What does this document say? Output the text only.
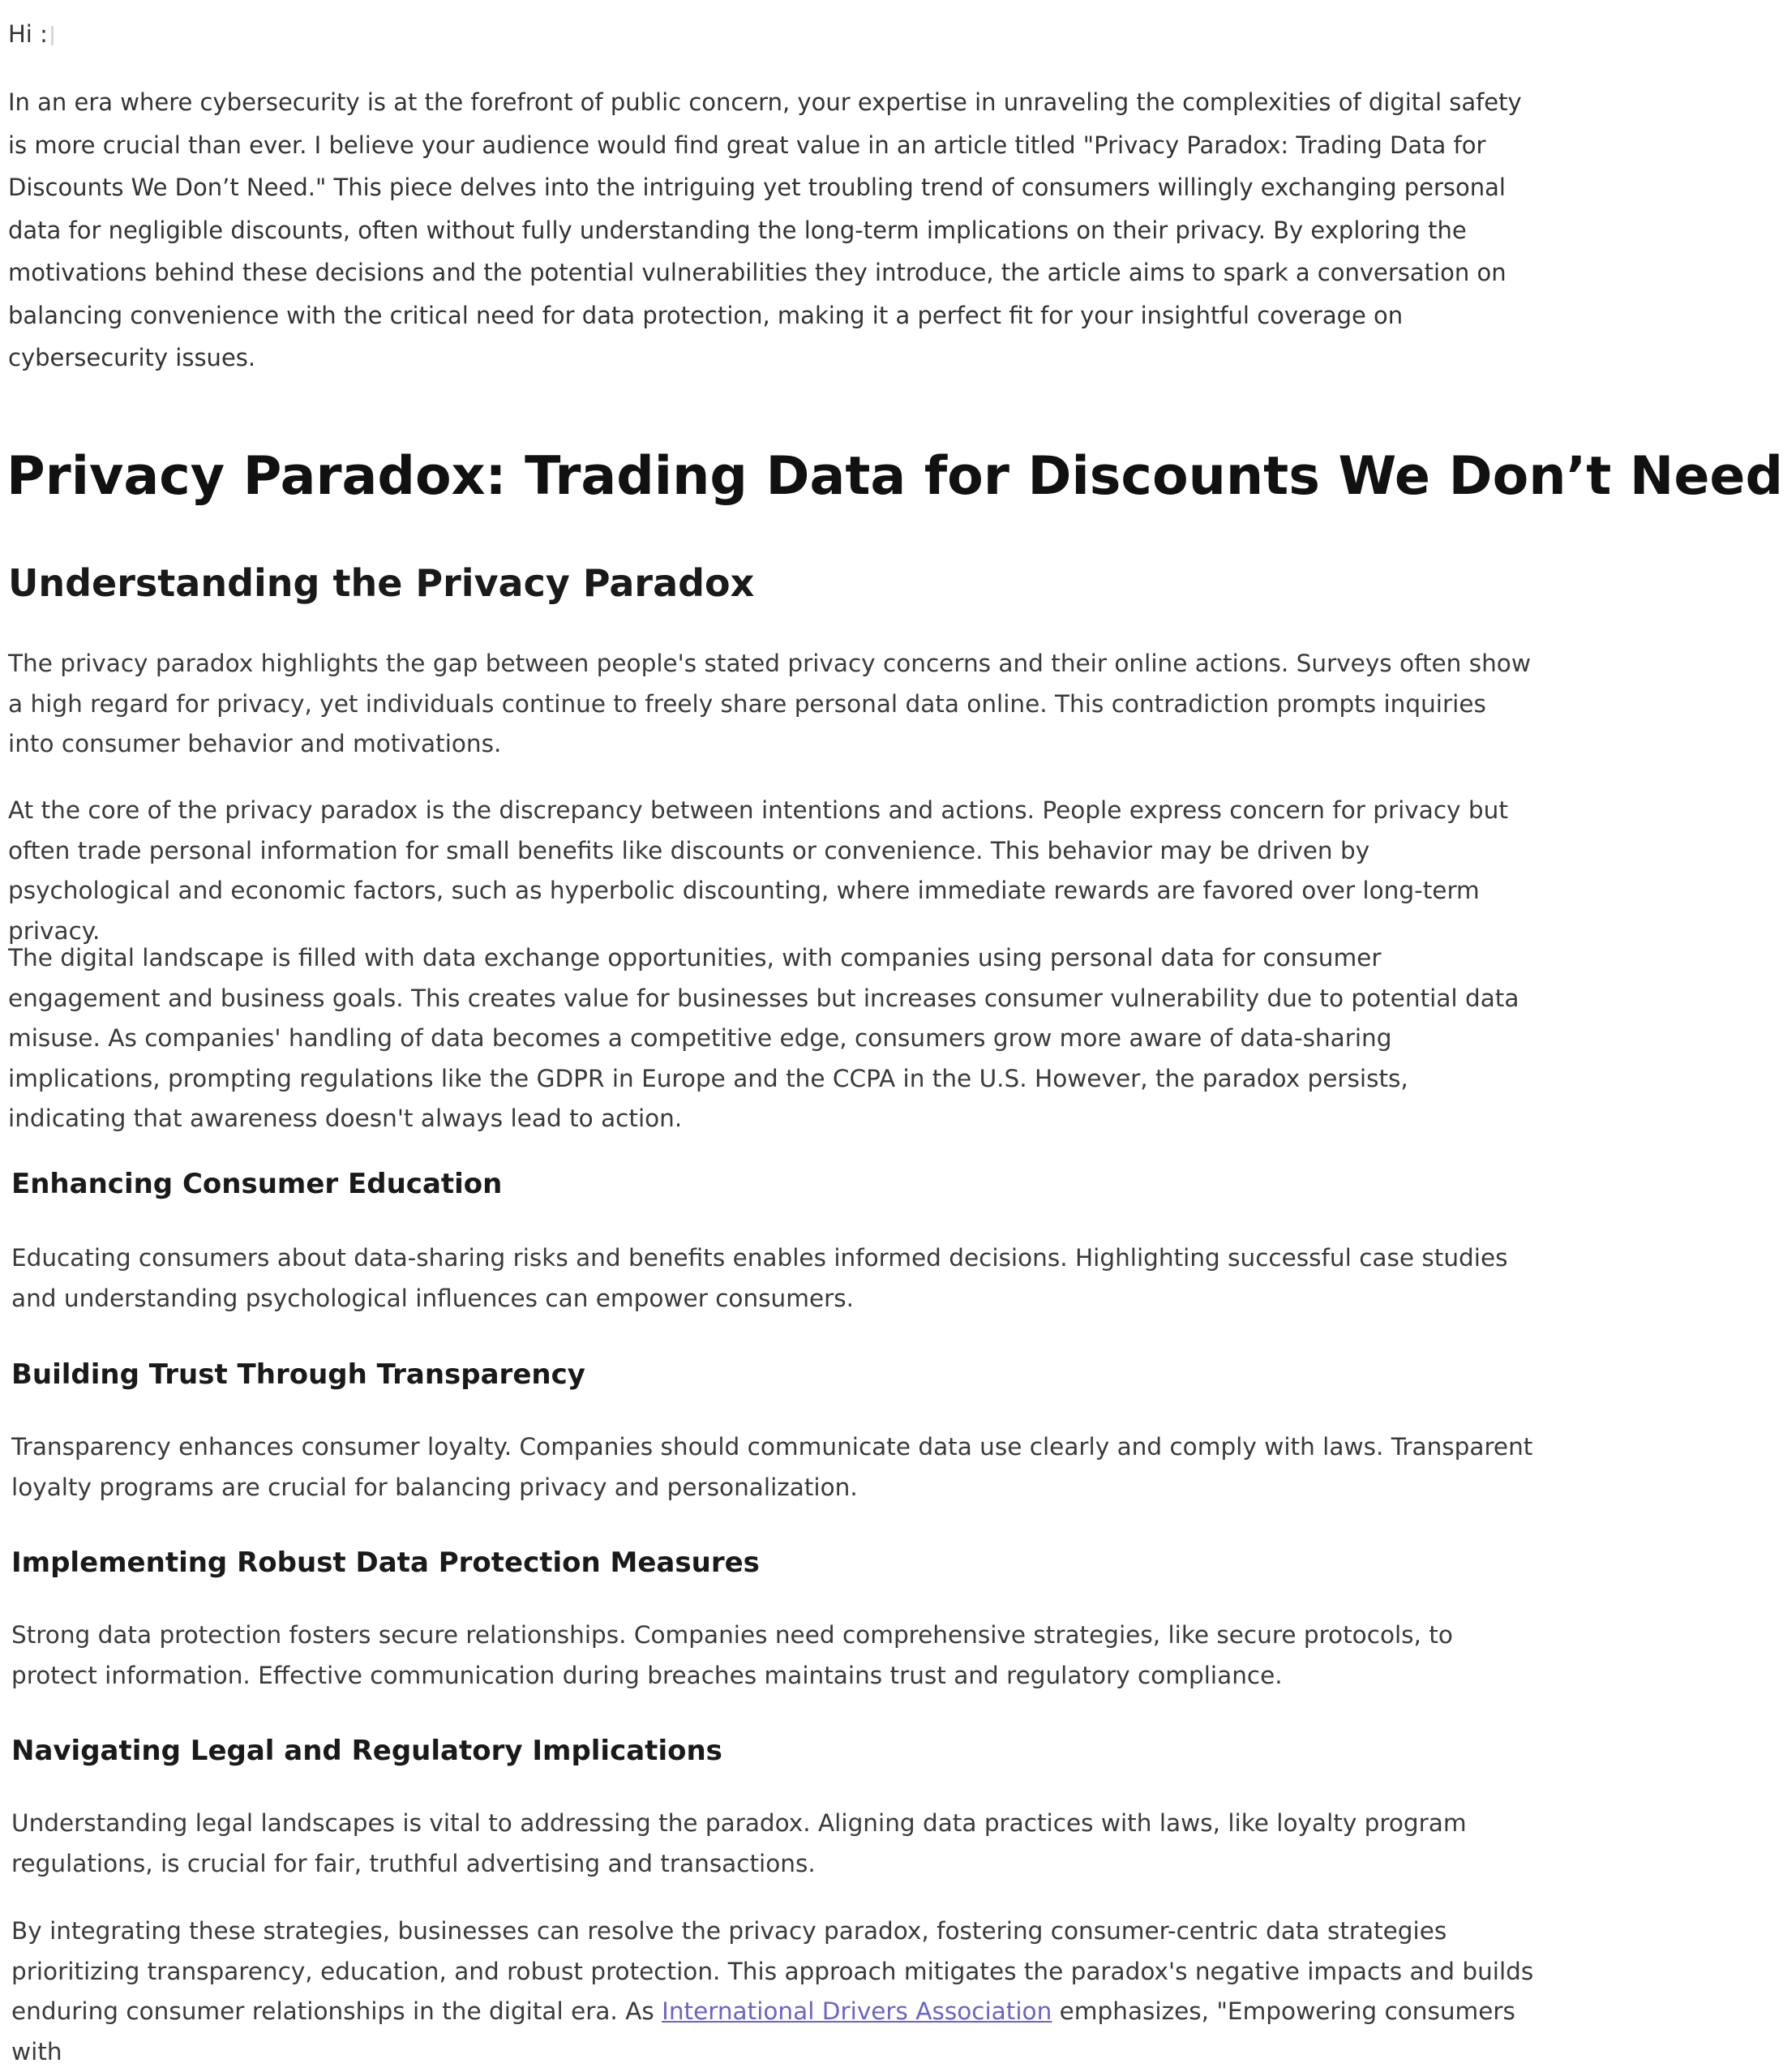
Hi :

In an era where cybersecurity is at the forefront of public concern, your expertise in unraveling the complexities of digital safety is more crucial than ever. I believe your audience would find great value in an article titled "Privacy Paradox: Trading Data for Discounts We Don’t Need." This piece delves into the intriguing yet troubling trend of consumers willingly exchanging personal data for negligible discounts, often without fully understanding the long-term implications on their privacy. By exploring the motivations behind these decisions and the potential vulnerabilities they introduce, the article aims to spark a conversation on balancing convenience with the critical need for data protection, making it a perfect fit for your insightful coverage on cybersecurity issues.

Privacy Paradox: Trading Data for Discounts We Don’t Need
Understanding the Privacy Paradox

The privacy paradox highlights the gap between people's stated privacy concerns and their online actions. Surveys often show a high regard for privacy, yet individuals continue to freely share personal data online. This contradiction prompts inquiries into consumer behavior and motivations.

At the core of the privacy paradox is the discrepancy between intentions and actions. People express concern for privacy but often trade personal information for small benefits like discounts or convenience. This behavior may be driven by psychological and economic factors, such as hyperbolic discounting, where immediate rewards are favored over long-term privacy.

The digital landscape is filled with data exchange opportunities, with companies using personal data for consumer engagement and business goals. This creates value for businesses but increases consumer vulnerability due to potential data misuse. As companies' handling of data becomes a competitive edge, consumers grow more aware of data-sharing implications, prompting regulations like the GDPR in Europe and the CCPA in the U.S. However, the paradox persists, indicating that awareness doesn't always lead to action.

Enhancing Consumer Education

Educating consumers about data-sharing risks and benefits enables informed decisions. Highlighting successful case studies and understanding psychological influences can empower consumers.

Building Trust Through Transparency

Transparency enhances consumer loyalty. Companies should communicate data use clearly and comply with laws. Transparent loyalty programs are crucial for balancing privacy and personalization.

Implementing Robust Data Protection Measures

Strong data protection fosters secure relationships. Companies need comprehensive strategies, like secure protocols, to protect information. Effective communication during breaches maintains trust and regulatory compliance.

Navigating Legal and Regulatory Implications

Understanding legal landscapes is vital to addressing the paradox. Aligning data practices with laws, like loyalty program regulations, is crucial for fair, truthful advertising and transactions.

By integrating these strategies, businesses can resolve the privacy paradox, fostering consumer-centric data strategies prioritizing transparency, education, and robust protection. This approach mitigates the paradox's negative impacts and builds enduring consumer relationships in the digital era. As International Drivers Association emphasizes, "Empowering consumers with
